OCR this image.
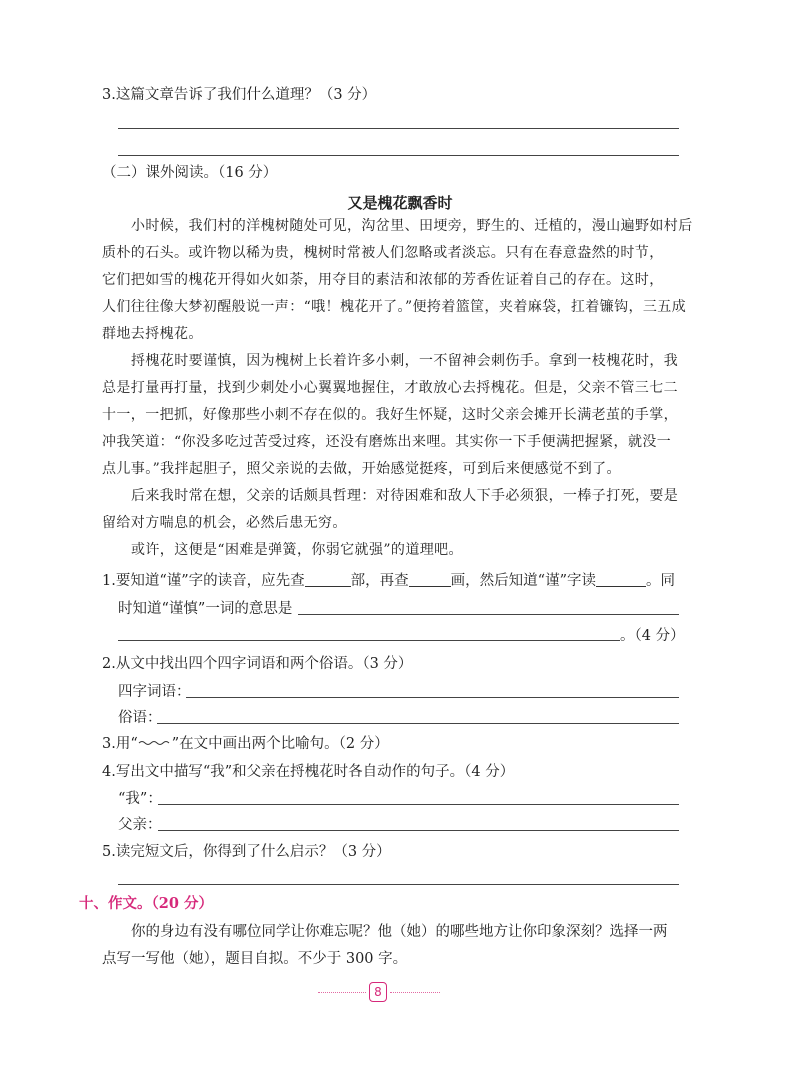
3.这篇文章告诉了我们什么道理？（3 分）
（二）课外阅读。（16 分）
又是槐花飘香时
小时候，我们村的洋槐树随处可见，沟岔里、田埂旁，野生的、迁植的，漫山遍野如村后
质朴的石头。或许物以稀为贵，槐树时常被人们忽略或者淡忘。只有在春意盎然的时节，
它们把如雪的槐花开得如火如荼，用夺目的素洁和浓郁的芳香佐证着自己的存在。这时，
人们往往像大梦初醒般说一声：“哦！槐花开了。”便挎着篮筐，夹着麻袋，扛着镰钩，三五成
群地去捋槐花。
捋槐花时要谨慎，因为槐树上长着许多小刺，一不留神会刺伤手。拿到一枝槐花时，我
总是打量再打量，找到少刺处小心翼翼地握住，才敢放心去捋槐花。但是，父亲不管三七二
十一，一把抓，好像那些小刺不存在似的。我好生怀疑，这时父亲会摊开长满老茧的手掌，
冲我笑道：“你没多吃过苦受过疼，还没有磨炼出来哩。其实你一下手便满把握紧，就没一
点儿事。”我拌起胆子，照父亲说的去做，开始感觉挺疼，可到后来便感觉不到了。
后来我时常在想，父亲的话颇具哲理：对待困难和敌人下手必须狠，一棒子打死，要是
留给对方喘息的机会，必然后患无穷。
或许，这便是“困难是弹簧，你弱它就强”的道理吧。
1.要知道“谨”字的读音，应先查	部，再查	画，然后知道“谨”字读	。同
时知道“谨慎”一词的意思是
。（4 分）
2.从文中找出四个四字词语和两个俗语。（3 分）
四字词语：
俗语：
3.用“ ”在文中画出两个比喻句。（2 分）
4.写出文中描写“我”和父亲在捋槐花时各自动作的句子。（4 分）
“我”：
父亲：
5.读完短文后，你得到了什么启示？（3 分）
十、作文。（20 分）
你的身边有没有哪位同学让你难忘呢？他（她）的哪些地方让你印象深刻？选择一两
点写一写他（她），题目自拟。不少于 300 字。
8
